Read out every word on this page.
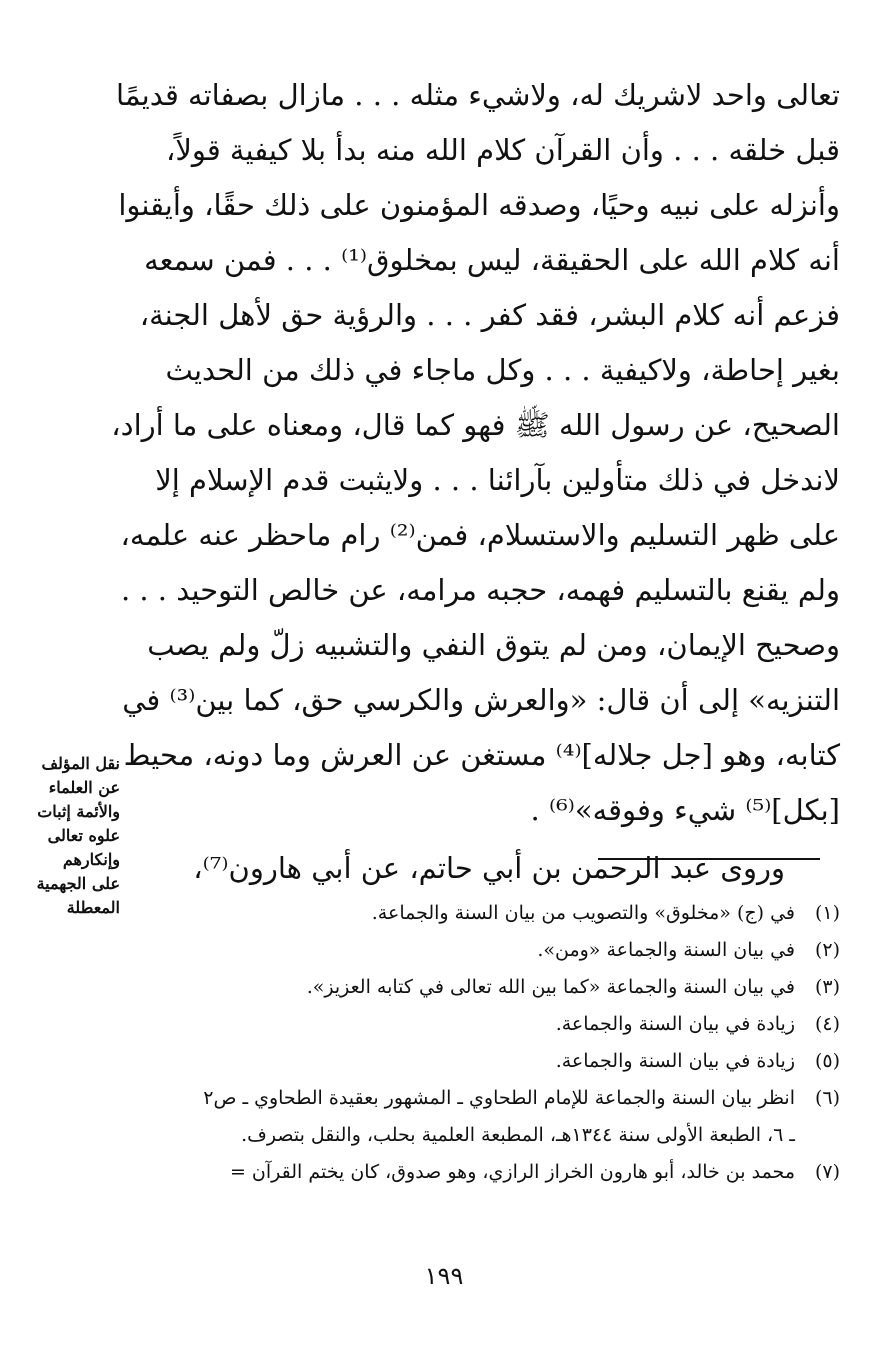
تعالى واحد لاشريك له، ولاشيء مثله . . . مازال بصفاته قديمًا

قبل خلقه . . . وأن القرآن كلام الله منه بدأ بلا كيفية قولاً،

وأنزله على نبيه وحيًا، وصدقه المؤمنون على ذلك حقًا، وأيقنوا

أنه كلام الله على الحقيقة، ليس بمخلوق⁽¹⁾ . . . فمن سمعه

فزعم أنه كلام البشر، فقد كفر . . . والرؤية حق لأهل الجنة،

بغير إحاطة، ولاكيفية . . . وكل ماجاء في ذلك من الحديث

الصحيح، عن رسول الله ﷺ فهو كما قال، ومعناه على ما أراد،

لاندخل في ذلك متأولين بآرائنا . . . ولايثبت قدم الإسلام إلا

على ظهر التسليم والاستسلام، فمن⁽²⁾ رام ماحظر عنه علمه،

ولم يقنع بالتسليم فهمه، حجبه مرامه، عن خالص التوحيد . . .

وصحيح الإيمان، ومن لم يتوق النفي والتشبيه زلّ ولم يصب

التنزيه» إلى أن قال: «والعرش والكرسي حق، كما بين⁽³⁾ في

كتابه، وهو [جل جلاله]⁽⁴⁾ مستغن عن العرش وما دونه، محيط

[بكل]⁽⁵⁾ شيء وفوقه»⁽⁶⁾ .

وروى عبد الرحمن بن أبي حاتم، عن أبي هارون⁽⁷⁾،

نقل المؤلف
عن العلماء
والأئمة إثبات
علوه تعالى
وإنكارهم
على الجهمية
المعطلة	(١)
في (ج) «مخلوق» والتصويب من بيان السنة والجماعة.
(٢)
في بيان السنة والجماعة «ومن».
(٣)
في بيان السنة والجماعة «كما بين الله تعالى في كتابه العزيز».
(٤)
زيادة في بيان السنة والجماعة.
(٥)
زيادة في بيان السنة والجماعة.
(٦)
انظر بيان السنة والجماعة للإمام الطحاوي ـ المشهور بعقيدة الطحاوي ـ ص٢
ـ ٦، الطبعة الأولى سنة ١٣٤٤هـ، المطبعة العلمية بحلب، والنقل بتصرف.
(٧)
محمد بن خالد، أبو هارون الخراز الرازي، وهو صدوق، كان يختم القرآن =
١٩٩
